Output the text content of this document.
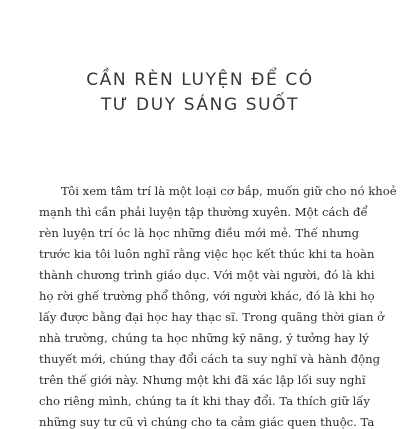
CẦN RÈN LUYỆN ĐỂ CÓ
TƯ DUY SÁNG SUỐT
Tôi xem tâm trí là một loại cơ bắp, muốn giữ cho nó khoẻ
mạnh thì cần phải luyện tập thường xuyên. Một cách để
rèn luyện trí óc là học những điều mới mẻ. Thế nhưng
trước kia tôi luôn nghĩ rằng việc học kết thúc khi ta hoàn
thành chương trình giáo dục. Với một vài người, đó là khi
họ rời ghế trường phổ thông, với người khác, đó là khi họ
lấy được bằng đại học hay thạc sĩ. Trong quãng thời gian ở
nhà trường, chúng ta học những kỹ năng, ý tưởng hay lý
thuyết mới, chúng thay đổi cách ta suy nghĩ và hành động
trên thế giới này. Nhưng một khi đã xác lập lối suy nghĩ
cho riêng mình, chúng ta ít khi thay đổi. Ta thích giữ lấy
những suy tư cũ vì chúng cho ta cảm giác quen thuộc. Ta
